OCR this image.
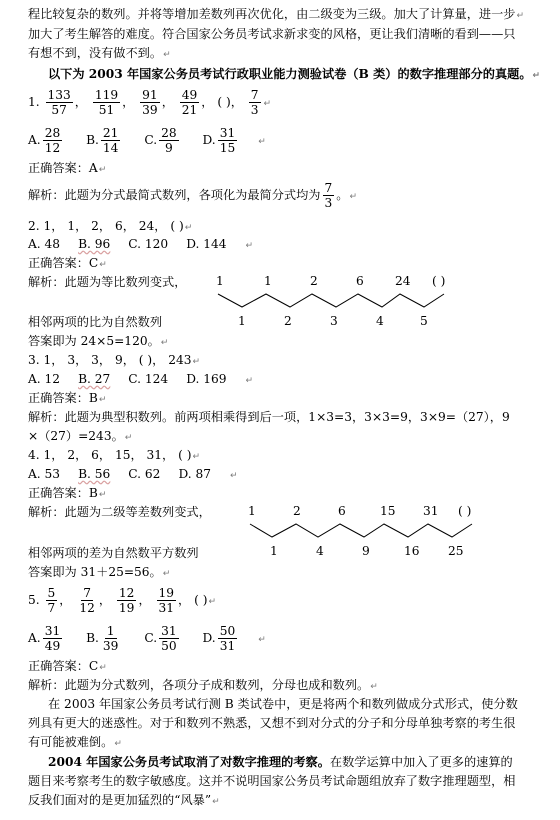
程比较复杂的数列。并将等增加差数列再次优化，由二级变为三级。加大了计算量，进一步↵
加大了考生解答的难度。符合国家公务员考试求新求变的风格，更让我们清晰的看到——只
有想不到，没有做不到。↵
以下为 2003 年国家公务员考试行政职业能力测验试卷（B 类）的数字推理部分的真题。↵
1. $\frac{133}{57}$ ， $\frac{119}{51}$ ， $\frac{91}{39}$ ， $\frac{49}{21}$ ， ( )， $\frac{7}{3}$ ↵
A. $\frac{28}{12} B$. $\frac{21}{14} C$. $\frac{28}{9} D$. $\frac{31}{15}$ ↵
正确答案：A↵
解析：此题为分式最简式数列，各项化为最简分式均为 $\frac{7}{3}$ 。↵
2. 1， 1， 2， 6， 24， ( )↵
A. 48 B. 96 C. 120 D. 144 ↵
正确答案：C↵
解析：此题为等比数列变式， 1	1	2	6	24 ( )
1	2	3	4	5
相邻两项的比为自然数列
答案即为 24×5=120。↵
3. 1， 3， 3， 9， ( )， 243↵
A. 12 B. 27 C. 124 D. 169 ↵
正确答案：B↵
解析：此题为典型积数列。前两项相乘得到后一项，1×3=3，3×3=9，3×9=（27），9
×（27）=243。↵
4. 1， 2， 6， 15， 31， ( )↵
A. 53 B. 56 C. 62 D. 87 ↵
正确答案：B↵
解析：此题为二级等差数列变式，	1	2	6	15 31 ( )
1	4	9	16 25
相邻两项的差为自然数平方数列
答案即为 31＋25=56。↵
5. $\frac{5}{7}$ ， $\frac{7}{12}$ ， $\frac{12}{19}$ ， $\frac{19}{31}$ ， ( )↵
A. $\frac{31}{49} B$. $\frac{1}{39} C$. $\frac{31}{50} D$. $\frac{50}{31}$ ↵
正确答案：C↵
解析：此题为分式数列，各项分子成和数列，分母也成和数列。↵
在 2003 年国家公务员考试行测 B 类试卷中，更是将两个和数列做成分式形式，使分数
列具有更大的迷惑性。对于和数列不熟悉，又想不到对分式的分子和分母单独考察的考生很
有可能被难倒。↵
2004 年国家公务员考试取消了对数字推理的考察。在数学运算中加入了更多的速算的
题目来考察考生的数字敏感度。这并不说明国家公务员考试命题组放弃了数字推理题型，相
反我们面对的是更加猛烈的“风暴”↵
